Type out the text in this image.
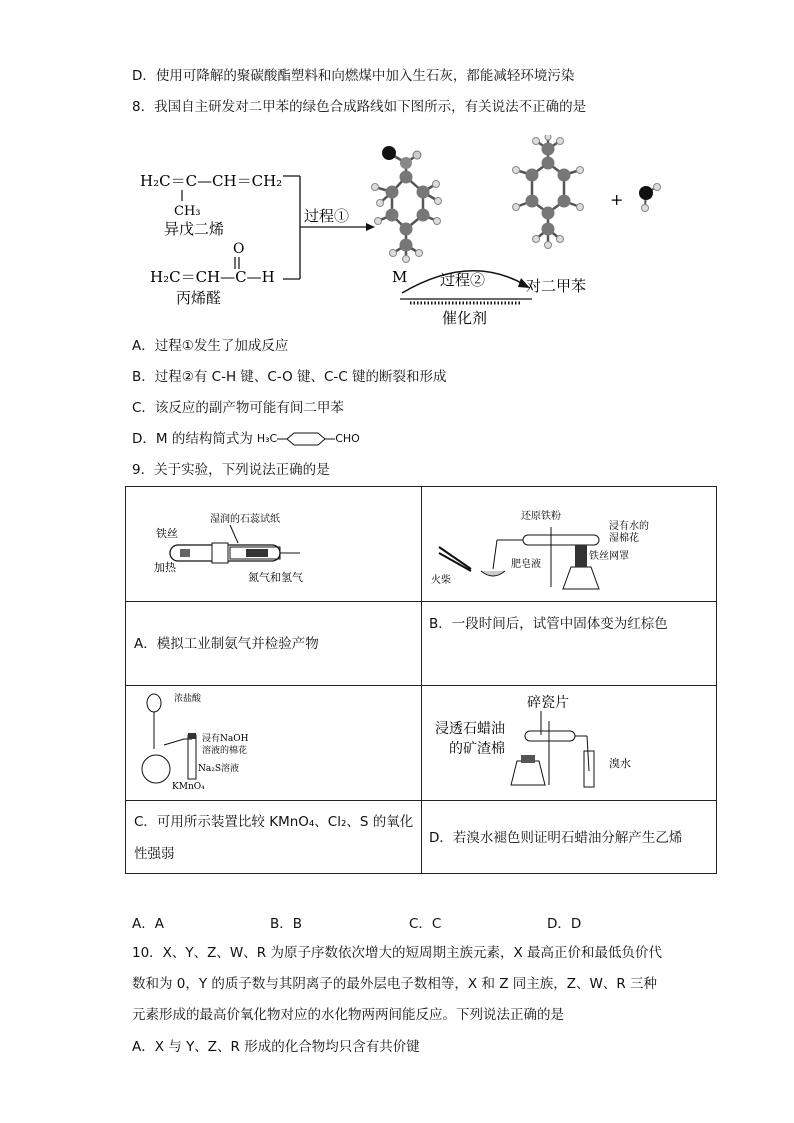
D．使用可降解的聚碳酸酯塑料和向燃煤中加入生石灰，都能减轻环境污染
8．我国自主研发对二甲苯的绿色合成路线如下图所示，有关说法不正确的是
H₂C＝C—CH＝CH₂
CH₃
异戊二烯
O
H₂C＝CH—C—H
丙烯醛
过程①
+
M 过程②	对二甲苯
催化剂
A．过程①发生了加成反应
B．过程②有 C-H 键、C-O 键、C-C 键的断裂和形成
C．该反应的副产物可能有间二甲苯
D．M 的结构简式为 H₃C	CHO
9．关于实验，下列说法正确的是
湿润的石蕊试纸
铁丝
加热
氮气和氢气
还原铁粉
浸有水的
湿棉花
铁丝网罩
肥皂液
火柴
A．模拟工业制氨气并检验产物
B．一段时间后，试管中固体变为红棕色
浓盐酸
浸有NaOH
溶液的棉花
Na₂S溶液
KMnO₄
碎瓷片
浸透石蜡油
的矿渣棉
溴水
C．可用所示装置比较 KMnO₄、Cl₂、S 的氧化
性强弱
D．若溴水褪色则证明石蜡油分解产生乙烯
A．A	B．B	C．C	D．D
10．X、Y、Z、W、R 为原子序数依次增大的短周期主族元素，X 最高正价和最低负价代
数和为 0，Y 的质子数与其阴离子的最外层电子数相等，X 和 Z 同主族，Z、W、R 三种
元素形成的最高价氧化物对应的水化物两两间能反应。下列说法正确的是
A．X 与 Y、Z、R 形成的化合物均只含有共价键
